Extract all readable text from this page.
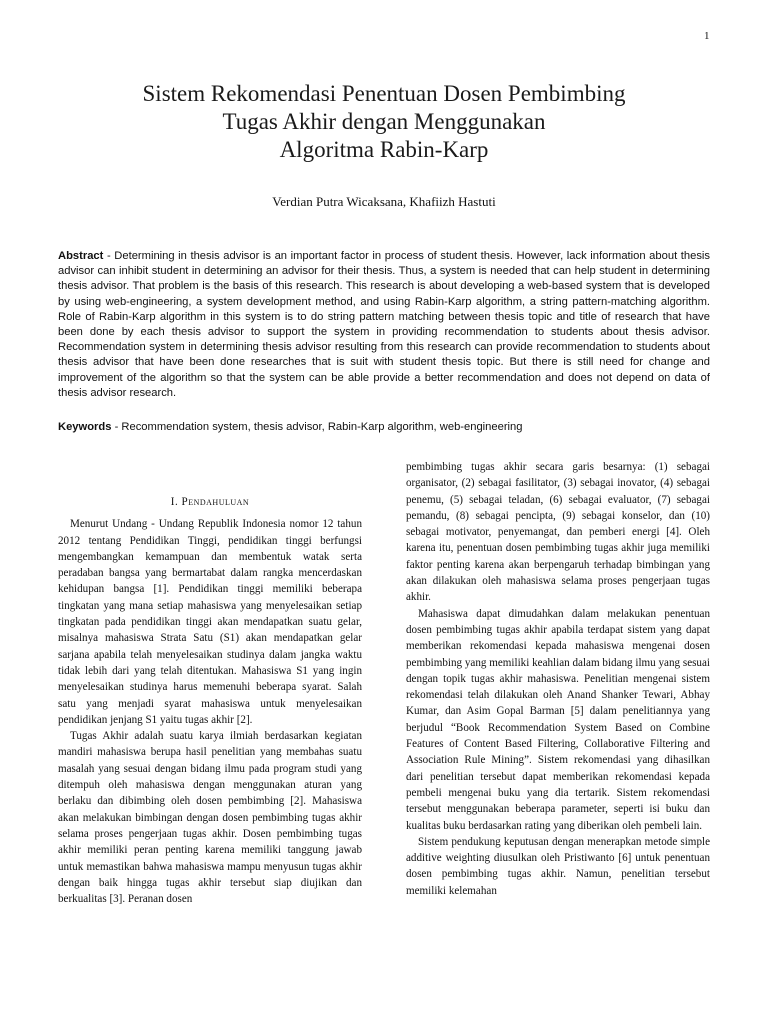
1
Sistem Rekomendasi Penentuan Dosen Pembimbing
Tugas Akhir dengan Menggunakan
Algoritma Rabin-Karp
Verdian Putra Wicaksana, Khafiizh Hastuti

Abstract - Determining in thesis advisor is an important factor in process of student thesis. However, lack information about thesis advisor can inhibit student in determining an advisor for their thesis. Thus, a system is needed that can help student in determining thesis advisor. That problem is the basis of this research. This research is about developing a web-based system that is developed by using web-engineering, a system development method, and using Rabin-Karp algorithm, a string pattern-matching algorithm. Role of Rabin-Karp algorithm in this system is to do string pattern matching between thesis topic and title of research that have been done by each thesis advisor to support the system in providing recommendation to students about thesis advisor. Recommendation system in determining thesis advisor resulting from this research can provide recommendation to students about thesis advisor that have been done researches that is suit with student thesis topic. But there is still need for change and improvement of the algorithm so that the system can be able provide a better recommendation and does not depend on data of thesis advisor research.

Keywords - Recommendation system, thesis advisor, Rabin-Karp algorithm, web-engineering

I. Pendahuluan

Menurut Undang - Undang Republik Indonesia nomor 12 tahun 2012 tentang Pendidikan Tinggi, pendidikan tinggi berfungsi mengembangkan kemampuan dan membentuk watak serta peradaban bangsa yang bermartabat dalam rangka mencerdaskan kehidupan bangsa [1]. Pendidikan tinggi memiliki beberapa tingkatan yang mana setiap mahasiswa yang menyelesaikan setiap tingkatan pada pendidikan tinggi akan mendapatkan suatu gelar, misalnya mahasiswa Strata Satu (S1) akan mendapatkan gelar sarjana apabila telah menyelesaikan studinya dalam jangka waktu tidak lebih dari yang telah ditentukan. Mahasiswa S1 yang ingin menyelesaikan studinya harus memenuhi beberapa syarat. Salah satu yang menjadi syarat mahasiswa untuk menyelesaikan pendidikan jenjang S1 yaitu tugas akhir [2].

Tugas Akhir adalah suatu karya ilmiah berdasarkan kegiatan mandiri mahasiswa berupa hasil penelitian yang membahas suatu masalah yang sesuai dengan bidang ilmu pada program studi yang ditempuh oleh mahasiswa dengan menggunakan aturan yang berlaku dan dibimbing oleh dosen pembimbing [2]. Mahasiswa akan melakukan bimbingan dengan dosen pembimbing tugas akhir selama proses pengerjaan tugas akhir. Dosen pembimbing tugas akhir memiliki peran penting karena memiliki tanggung jawab untuk memastikan bahwa mahasiswa mampu menyusun tugas akhir dengan baik hingga tugas akhir tersebut siap diujikan dan berkualitas [3]. Peranan dosen

pembimbing tugas akhir secara garis besarnya: (1) sebagai organisator, (2) sebagai fasilitator, (3) sebagai inovator, (4) sebagai penemu, (5) sebagai teladan, (6) sebagai evaluator, (7) sebagai pemandu, (8) sebagai pencipta, (9) sebagai konselor, dan (10) sebagai motivator, penyemangat, dan pemberi energi [4]. Oleh karena itu, penentuan dosen pembimbing tugas akhir juga memiliki faktor penting karena akan berpengaruh terhadap bimbingan yang akan dilakukan oleh mahasiswa selama proses pengerjaan tugas akhir.

Mahasiswa dapat dimudahkan dalam melakukan penentuan dosen pembimbing tugas akhir apabila terdapat sistem yang dapat memberikan rekomendasi kepada mahasiswa mengenai dosen pembimbing yang memiliki keahlian dalam bidang ilmu yang sesuai dengan topik tugas akhir mahasiswa. Penelitian mengenai sistem rekomendasi telah dilakukan oleh Anand Shanker Tewari, Abhay Kumar, dan Asim Gopal Barman [5] dalam penelitiannya yang berjudul “Book Recommendation System Based on Combine Features of Content Based Filtering, Collaborative Filtering and Association Rule Mining”. Sistem rekomendasi yang dihasilkan dari penelitian tersebut dapat memberikan rekomendasi kepada pembeli mengenai buku yang dia tertarik. Sistem rekomendasi tersebut menggunakan beberapa parameter, seperti isi buku dan kualitas buku berdasarkan rating yang diberikan oleh pembeli lain.

Sistem pendukung keputusan dengan menerapkan metode simple additive weighting diusulkan oleh Pristiwanto [6] untuk penentuan dosen pembimbing tugas akhir. Namun, penelitian tersebut memiliki kelemahan
